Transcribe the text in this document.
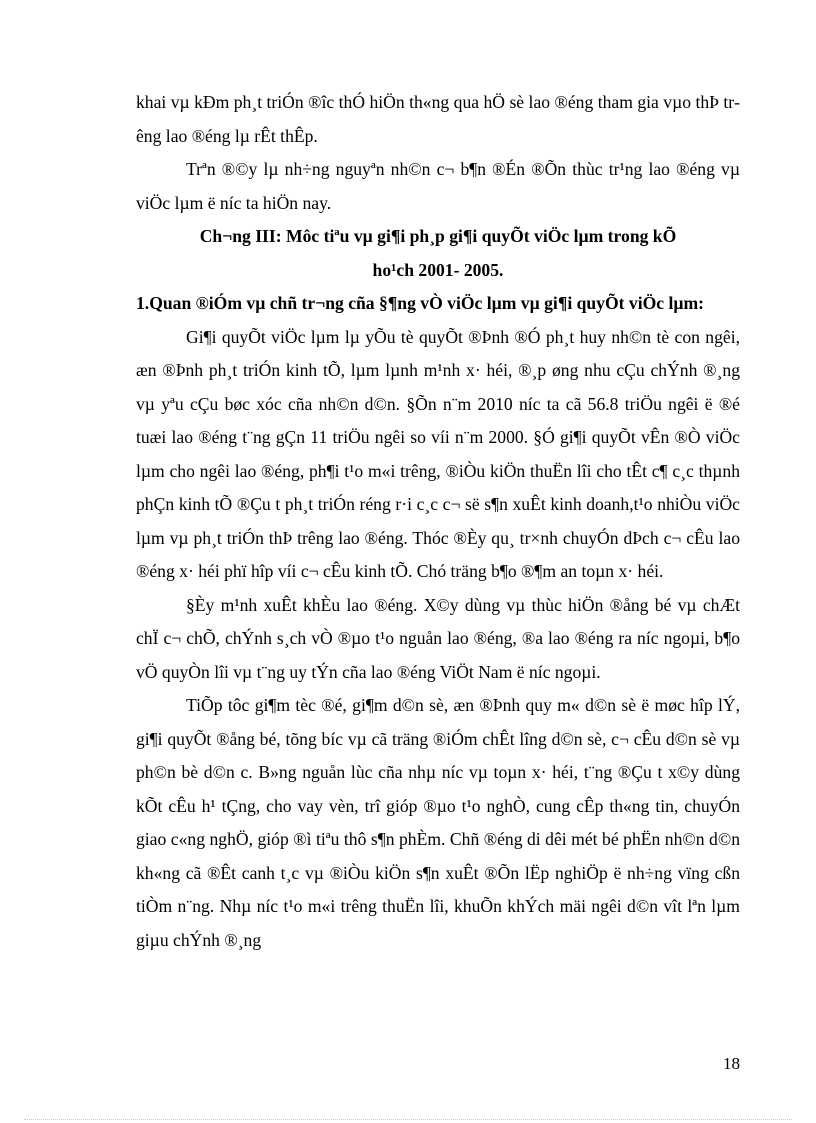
khai vµ kÐm ph¸t triÓn ®îc thÓ hiÖn th«ng qua hÖ sè lao ®éng tham gia vµo thÞ trêng lao ®éng lµ rÊt thÊp.

Trªn ®©y lµ nh÷ng nguyªn nh©n c¬ b¶n ®Én ®Õn thùc tr¹ng lao ®éng vµ viÖc lµm ë níc ta hiÖn nay.

Ch¬ng III: Môc tiªu vµ gi¶i ph¸p gi¶i quyÕt viÖc lµm trong kÕ

ho¹ch 2001- 2005.

1.Quan ®iÓm vµ chñ tr¬ng cña §¶ng vÒ viÖc lµm vµ gi¶i quyÕt viÖc lµm:

Gi¶i quyÕt viÖc lµm lµ yÕu tè quyÕt ®Þnh ®Ó ph¸t huy nh©n tè con ngêi, æn ®Þnh ph¸t triÓn kinh tÕ, lµm lµnh m¹nh x· héi, ®¸p øng nhu cÇu chÝnh ®¸ng vµ yªu cÇu bøc xóc cña nh©n d©n. §Õn n¨m 2010 níc ta cã 56.8 triÖu ngêi ë ®é tuæi lao ®éng t¨ng gÇn 11 triÖu ngêi so víi n¨m 2000. §Ó gi¶i quyÕt vÊn ®Ò viÖc lµm cho ngêi lao ®éng, ph¶i t¹o m«i trêng, ®iÒu kiÖn thuËn lîi cho tÊt c¶ c¸c thµnh phÇn kinh tÕ ®Çu t ph¸t triÓn réng r·i c¸c c¬ së s¶n xuÊt kinh doanh,t¹o nhiÒu viÖc lµm vµ ph¸t triÓn thÞ trêng lao ®éng. Thóc ®Èy qu¸ tr×nh chuyÓn dÞch c¬ cÊu lao ®éng x· héi phï hîp víi c¬ cÊu kinh tÕ. Chó träng b¶o ®¶m an toµn x· héi.

§Èy m¹nh xuÊt khÈu lao ®éng. X©y dùng vµ thùc hiÖn ®ång bé vµ chÆt chÏ c¬ chÕ, chÝnh s¸ch vÒ ®µo t¹o nguån lao ®éng, ®a lao ®éng ra níc ngoµi, b¶o vÖ quyÒn lîi vµ t¨ng uy tÝn cña lao ®éng ViÖt Nam ë níc ngoµi.

TiÕp tôc gi¶m tèc ®é, gi¶m d©n sè, æn ®Þnh quy m« d©n sè ë møc hîp lÝ, gi¶i quyÕt ®ång bé, tõng bíc vµ cã träng ®iÓm chÊt lîng d©n sè, c¬ cÊu d©n sè vµ ph©n bè d©n c. B»ng nguån lùc cña nhµ níc vµ toµn x· héi, t¨ng ®Çu t x©y dùng kÕt cÊu h¹ tÇng, cho vay vèn, trî gióp ®µo t¹o nghÒ, cung cÊp th«ng tin, chuyÓn giao c«ng nghÖ, gióp ®ì tiªu thô s¶n phÈm. Chñ ®éng di dêi mét bé phËn nh©n d©n kh«ng cã ®Êt canh t¸c vµ ®iÒu kiÖn s¶n xuÊt ®Õn lËp nghiÖp ë nh÷ng vïng cßn tiÒm n¨ng. Nhµ níc t¹o m«i trêng thuËn lîi, khuÕn khÝch mäi ngêi d©n vît lªn lµm giµu chÝnh ®¸ng

18
